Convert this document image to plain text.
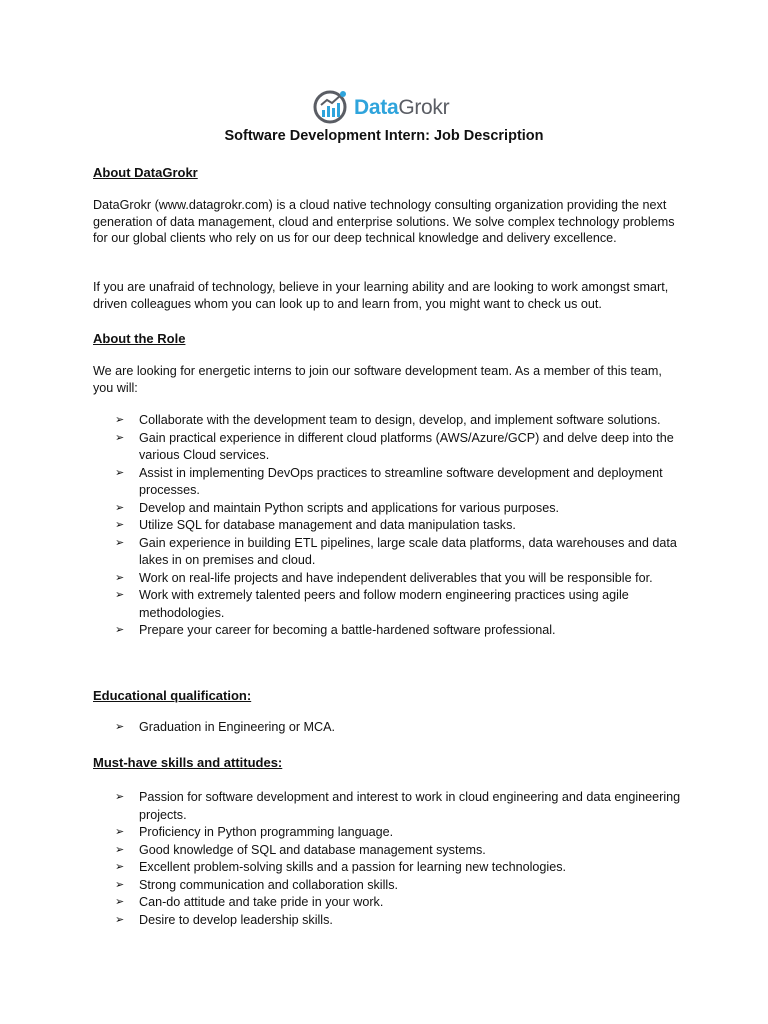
DataGrokr
Software Development Intern: Job Description
About DataGrokr

DataGrokr (www.datagrokr.com) is a cloud native technology consulting organization providing the next generation of data management, cloud and enterprise solutions. We solve complex technology problems for our global clients who rely on us for our deep technical knowledge and delivery excellence.

If you are unafraid of technology, believe in your learning ability and are looking to work amongst smart, driven colleagues whom you can look up to and learn from, you might want to check us out.

About the Role

We are looking for energetic interns to join our software development team. As a member of this team, you will:

➢ Collaborate with the development team to design, develop, and implement software solutions.
➢ Gain practical experience in different cloud platforms (AWS/Azure/GCP) and delve deep into the various Cloud services.
➢ Assist in implementing DevOps practices to streamline software development and deployment processes.
➢ Develop and maintain Python scripts and applications for various purposes.
➢ Utilize SQL for database management and data manipulation tasks.
➢ Gain experience in building ETL pipelines, large scale data platforms, data warehouses and data lakes in on premises and cloud.
➢ Work on real-life projects and have independent deliverables that you will be responsible for.
➢ Work with extremely talented peers and follow modern engineering practices using agile methodologies.
➢ Prepare your career for becoming a battle-hardened software professional.
Educational qualification:
➢ Graduation in Engineering or MCA.
Must-have skills and attitudes:
➢ Passion for software development and interest to work in cloud engineering and data engineering projects.
➢ Proficiency in Python programming language.
➢ Good knowledge of SQL and database management systems.
➢ Excellent problem-solving skills and a passion for learning new technologies.
➢ Strong communication and collaboration skills.
➢ Can-do attitude and take pride in your work.
➢ Desire to develop leadership skills.
